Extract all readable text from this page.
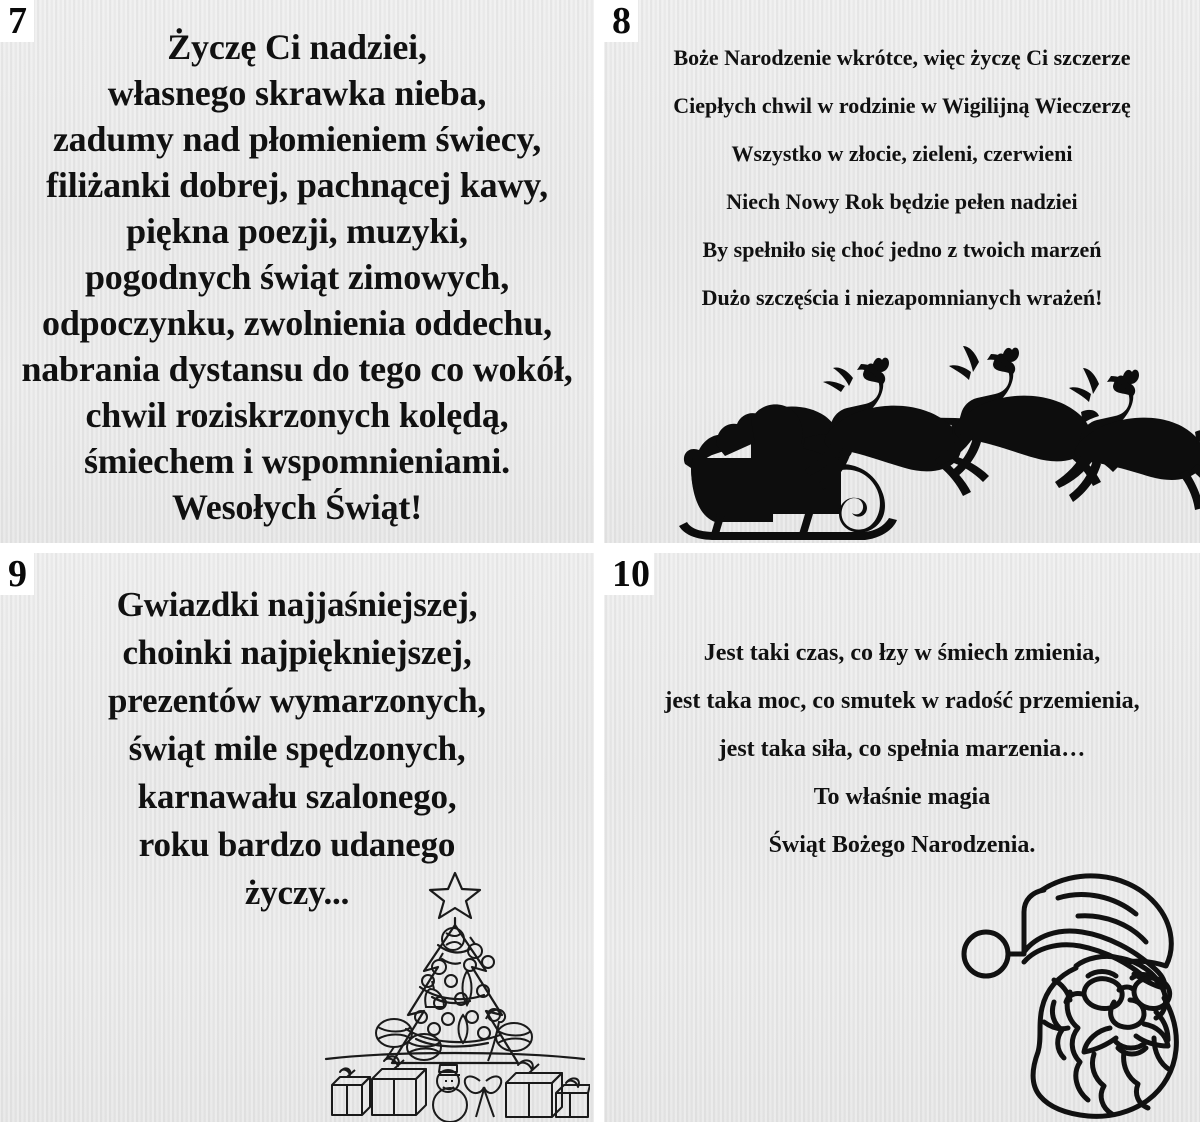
7
Życzę Ci nadziei,
własnego skrawka nieba,
zadumy nad płomieniem świecy,
filiżanki dobrej, pachnącej kawy,
piękna poezji, muzyki,
pogodnych świąt zimowych,
odpoczynku, zwolnienia oddechu,
nabrania dystansu do tego co wokół,
chwil roziskrzonych kolędą,
śmiechem i wspomnieniami.
Wesołych Świąt!
8
Boże Narodzenie wkrótce, więc życzę Ci szczerze
Ciepłych chwil w rodzinie w Wigilijną Wieczerzę
Wszystko w złocie, zieleni, czerwieni
Niech Nowy Rok będzie pełen nadziei
By spełniło się choć jedno z twoich marzeń
Dużo szczęścia i niezapomnianych wrażeń!
9
Gwiazdki najjaśniejszej,
choinki najpiękniejszej,
prezentów wymarzonych,
świąt mile spędzonych,
karnawału szalonego,
roku bardzo udanego
życzy...
10
Jest taki czas, co łzy w śmiech zmienia,
jest taka moc, co smutek w radość przemienia,
jest taka siła, co spełnia marzenia…
To właśnie magia
Świąt Bożego Narodzenia.
